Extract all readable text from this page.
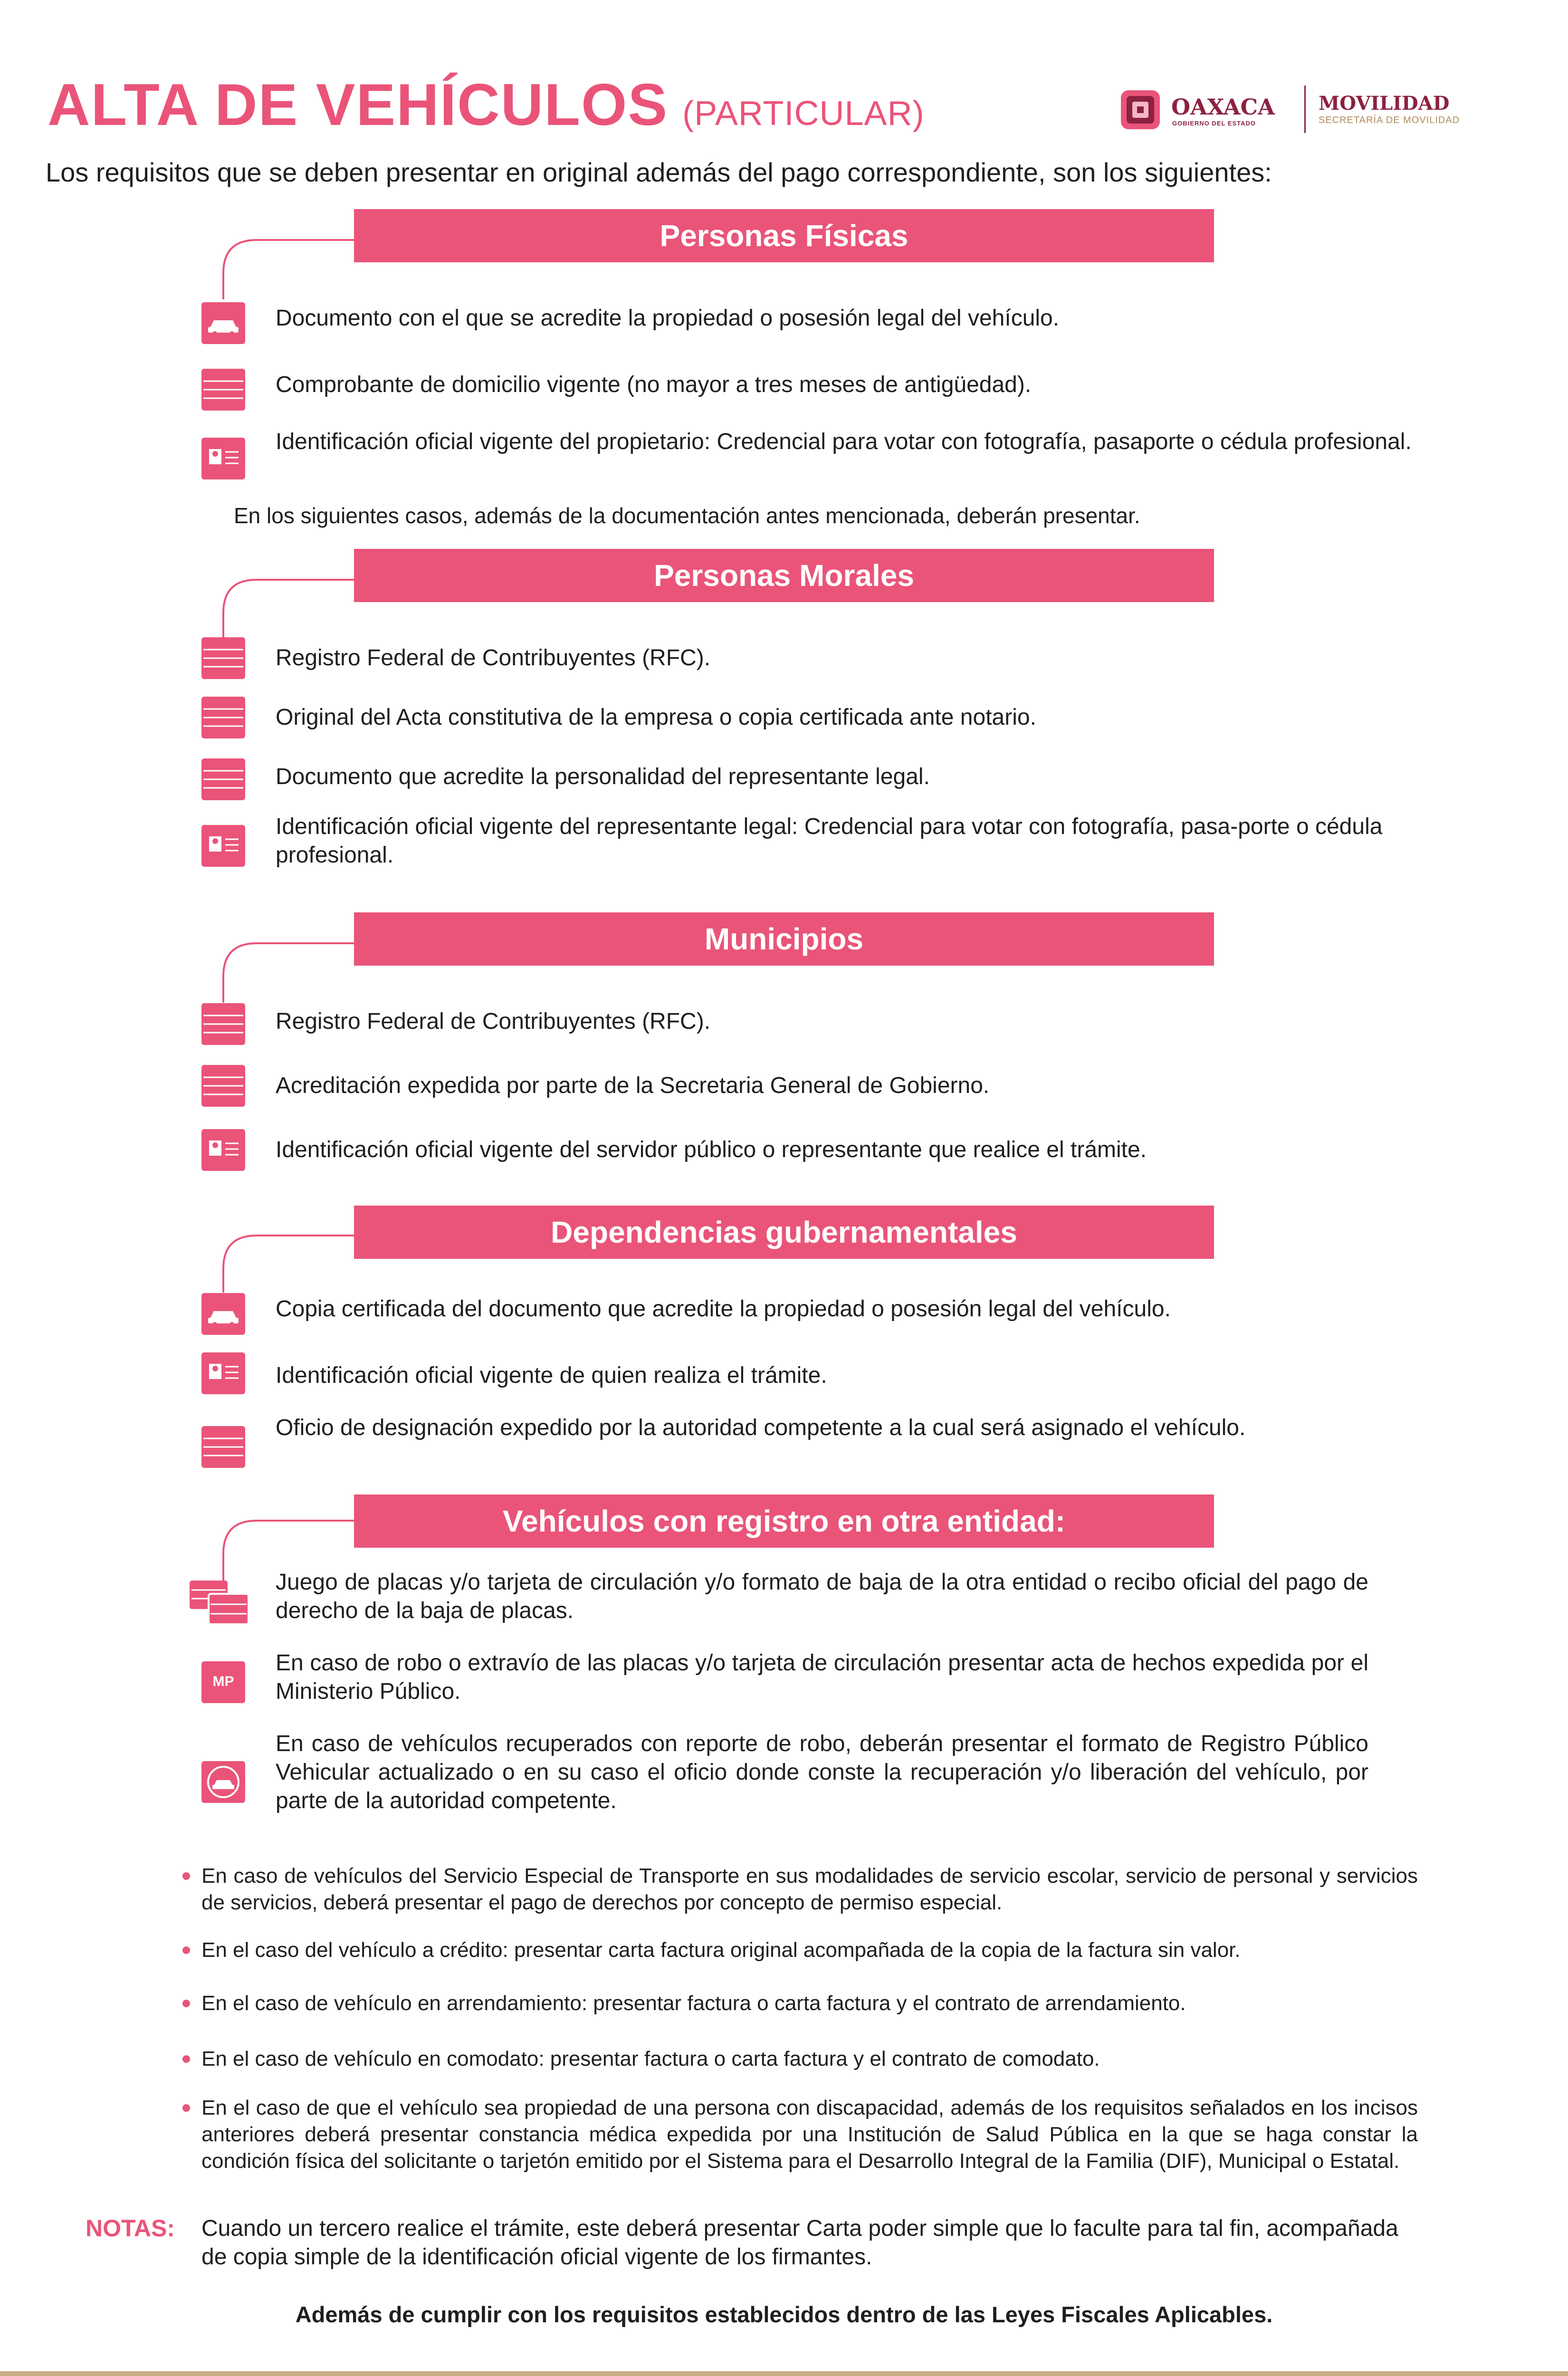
ALTA DE VEHÍCULOS (PARTICULAR)	OAXACA
GOBIERNO DEL ESTADO
MOVILIDAD
SECRETARÍA DE MOVILIDAD
Los requisitos que se deben presentar en original además del pago correspondiente, son los siguientes:
Personas Físicas
Documento con el que se acredite la propiedad o posesión legal del vehículo.
Comprobante de domicilio vigente (no mayor a tres meses de antigüedad).
Identificación oficial vigente del propietario: Credencial para votar con fotografía, pasaporte o cédula profesional.
En los siguientes casos, además de la documentación antes mencionada, deberán presentar.
Personas Morales
Registro Federal de Contribuyentes (RFC).
Original del Acta constitutiva de la empresa o copia certificada ante notario.
Documento que acredite la personalidad del representante legal.
Identificación oficial vigente del representante legal: Credencial para votar con fotografía, pasa-porte o cédula profesional.
Municipios
Registro Federal de Contribuyentes (RFC).
Acreditación expedida por parte de la Secretaria General de Gobierno.
Identificación oficial vigente del servidor público o representante que realice el trámite.
Dependencias gubernamentales
Copia certificada del documento que acredite la propiedad o posesión legal del vehículo.
Identificación oficial vigente de quien realiza el trámite.
Oficio de designación expedido por la autoridad competente a la cual será asignado el vehículo.
Vehículos con registro en otra entidad:
Juego de placas y/o tarjeta de circulación y/o formato de baja de la otra entidad o recibo oficial del pago de derecho de la baja de placas.
MP
En caso de robo o extravío de las placas y/o tarjeta de circulación presentar acta de hechos expedida por el Ministerio Público.
En caso de vehículos recuperados con reporte de robo, deberán presentar el formato de Registro Público Vehicular actualizado o en su caso el oficio donde conste la recuperación y/o liberación del vehículo, por parte de la autoridad competente.
En caso de vehículos del Servicio Especial de Transporte en sus modalidades de servicio escolar, servicio de personal y servicios de servicios, deberá presentar el pago de derechos por concepto de permiso especial.
En el caso del vehículo a crédito: presentar carta factura original acompañada de la copia de la factura sin valor.
En el caso de vehículo en arrendamiento: presentar factura o carta factura y el contrato de arrendamiento.
En el caso de vehículo en comodato: presentar factura o carta factura y el contrato de comodato.
En el caso de que el vehículo sea propiedad de una persona con discapacidad, además de los requisitos señalados en los incisos anteriores deberá presentar constancia médica expedida por una Institución de Salud Pública en la que se haga constar la condición física del solicitante o tarjetón emitido por el Sistema para el Desarrollo Integral de la Familia (DIF), Municipal o Estatal.
NOTAS: Cuando un tercero realice el trámite, este deberá presentar Carta poder simple que lo faculte para tal fin, acompañada de copia simple de la identificación oficial vigente de los firmantes.
Además de cumplir con los requisitos establecidos dentro de las Leyes Fiscales Aplicables.
